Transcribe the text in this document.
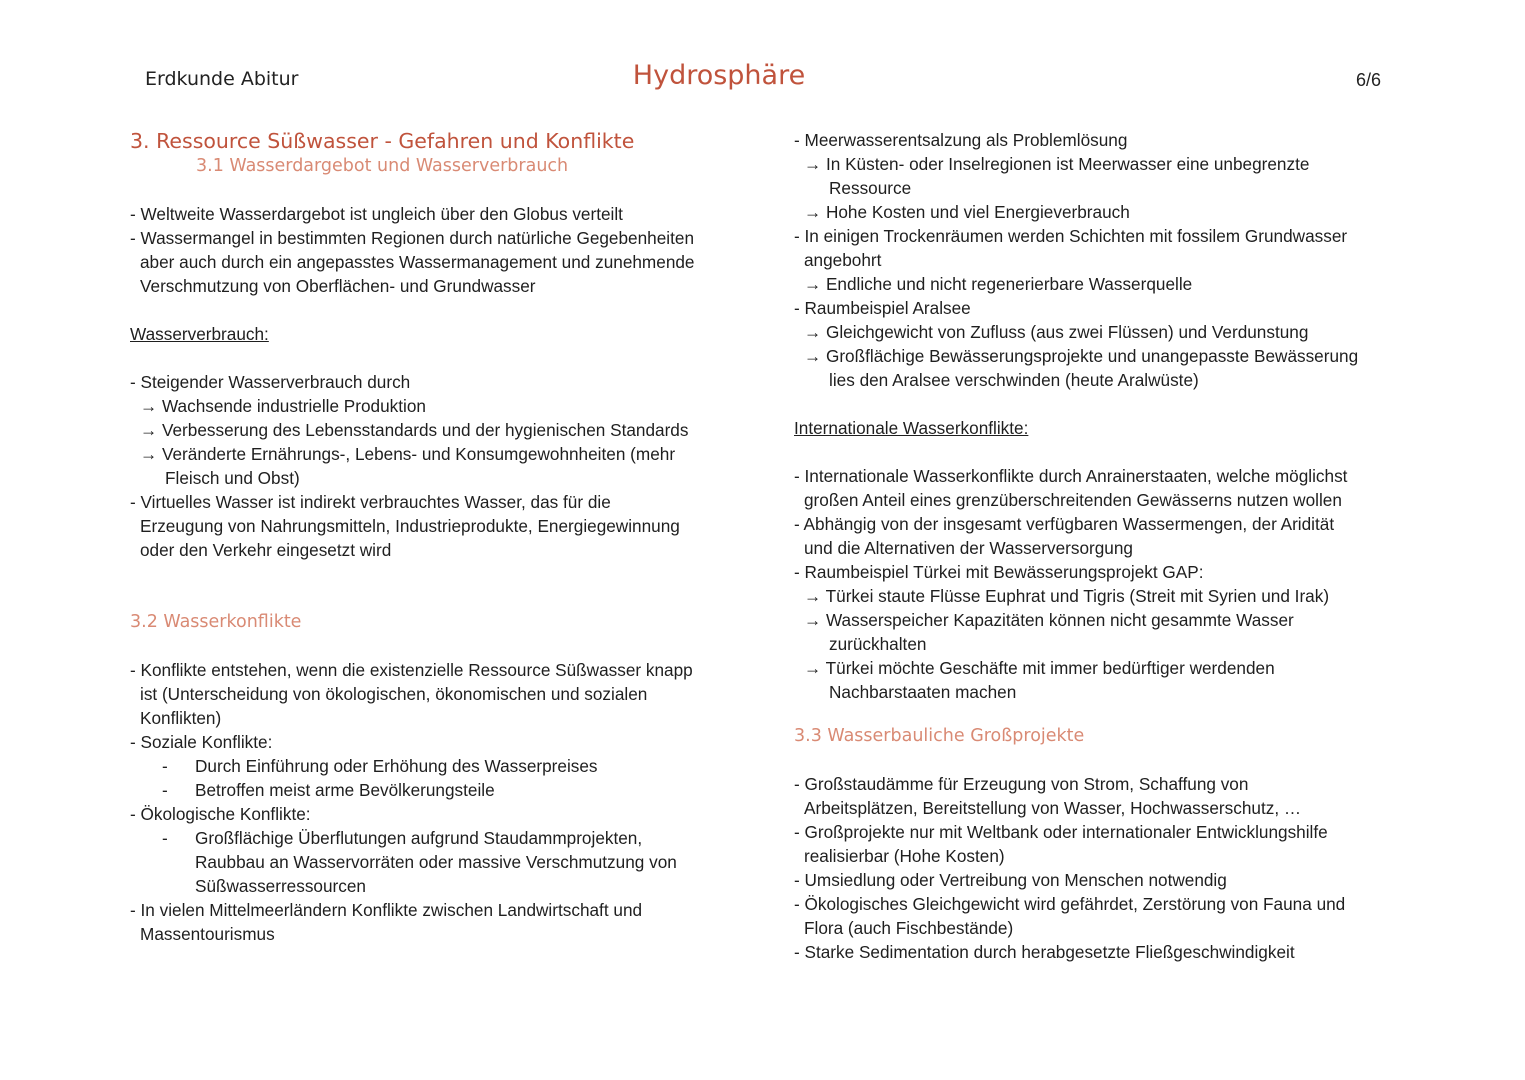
Erdkunde Abitur	Hydrosphäre	6/6
3. Ressource Süßwasser - Gefahren und Konflikte
3.1 Wasserdargebot und Wasserverbrauch
- Weltweite Wasserdargebot ist ungleich über den Globus verteilt
- Wassermangel in bestimmten Regionen durch natürliche Gegebenheiten
aber auch durch ein angepasstes Wassermanagement und zunehmende
Verschmutzung von Oberflächen- und Grundwasser
Wasserverbrauch:
- Steigender Wasserverbrauch durch
→ Wachsende industrielle Produktion
→ Verbesserung des Lebensstandards und der hygienischen Standards
→ Veränderte Ernährungs-, Lebens- und Konsumgewohnheiten (mehr
Fleisch und Obst)
- Virtuelles Wasser ist indirekt verbrauchtes Wasser, das für die
Erzeugung von Nahrungsmitteln, Industrieprodukte, Energiegewinnung
oder den Verkehr eingesetzt wird
3.2 Wasserkonflikte
- Konflikte entstehen, wenn die existenzielle Ressource Süßwasser knapp
ist (Unterscheidung von ökologischen, ökonomischen und sozialen
Konflikten)
- Soziale Konflikte:
- Durch Einführung oder Erhöhung des Wasserpreises
- Betroffen meist arme Bevölkerungsteile
- Ökologische Konflikte:
- Großflächige Überflutungen aufgrund Staudammprojekten,
Raubbau an Wasservorräten oder massive Verschmutzung von
Süßwasserressourcen
- In vielen Mittelmeerländern Konflikte zwischen Landwirtschaft und
Massentourismus
- Meerwasserentsalzung als Problemlösung
→ In Küsten- oder Inselregionen ist Meerwasser eine unbegrenzte
Ressource
→ Hohe Kosten und viel Energieverbrauch
- In einigen Trockenräumen werden Schichten mit fossilem Grundwasser
angebohrt
→ Endliche und nicht regenerierbare Wasserquelle
- Raumbeispiel Aralsee
→ Gleichgewicht von Zufluss (aus zwei Flüssen) und Verdunstung
→ Großflächige Bewässerungsprojekte und unangepasste Bewässerung
lies den Aralsee verschwinden (heute Aralwüste)
Internationale Wasserkonflikte:
- Internationale Wasserkonflikte durch Anrainerstaaten, welche möglichst
großen Anteil eines grenzüberschreitenden Gewässerns nutzen wollen
- Abhängig von der insgesamt verfügbaren Wassermengen, der Aridität
und die Alternativen der Wasserversorgung
- Raumbeispiel Türkei mit Bewässerungsprojekt GAP:
→ Türkei staute Flüsse Euphrat und Tigris (Streit mit Syrien und Irak)
→ Wasserspeicher Kapazitäten können nicht gesammte Wasser
zurückhalten
→ Türkei möchte Geschäfte mit immer bedürftiger werdenden
Nachbarstaaten machen
3.3 Wasserbauliche Großprojekte
- Großstaudämme für Erzeugung von Strom, Schaffung von
Arbeitsplätzen, Bereitstellung von Wasser, Hochwasserschutz, …
- Großprojekte nur mit Weltbank oder internationaler Entwicklungshilfe
realisierbar (Hohe Kosten)
- Umsiedlung oder Vertreibung von Menschen notwendig
- Ökologisches Gleichgewicht wird gefährdet, Zerstörung von Fauna und
Flora (auch Fischbestände)
- Starke Sedimentation durch herabgesetzte Fließgeschwindigkeit
